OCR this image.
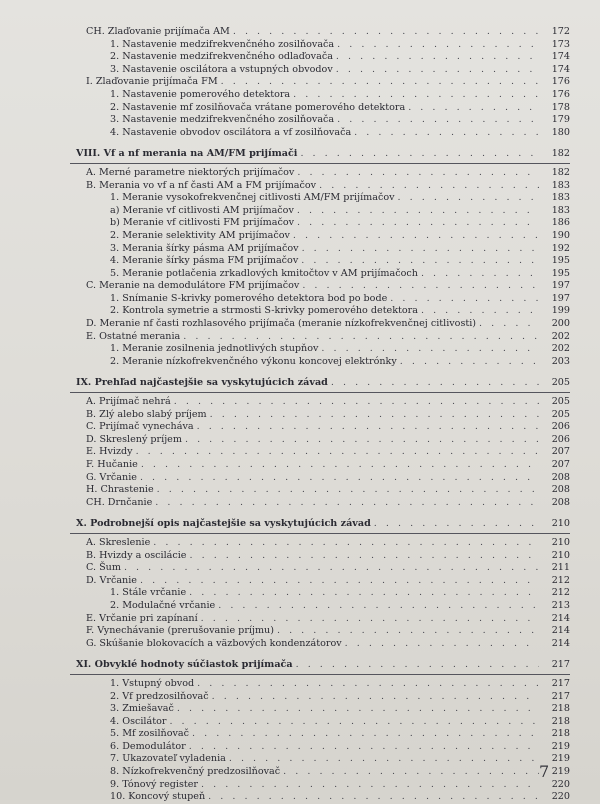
CH. Zlaďovanie prijímača AM . . .	172
1. Nastavenie medzifrekvenčného zosilňovača . . .	173
2. Nastavenie medzifrekvenčného odlaďovača . . .	174
3. Nastavenie oscilátora a vstupných obvodov . . .	174
I. Zlaďovanie prijímača FM . . .	176
1. Nastavenie pomerového detektora . . .	176
2. Nastavenie mf zosilňovača vrátane pomerového detektora . . .	178
3. Nastavenie medzifrekvenčného zosilňovača . . .	179
4. Nastavenie obvodov oscilátora a vf zosilňovača . . .	180
VIII. Vf a nf merania na AM/FM prijímači . . .	182
A. Merné parametre niektorých prijímačov . . .	182
B. Merania vo vf a nf časti AM a FM prijímačov . . .	183
1. Meranie vysokofrekvenčnej citlivosti AM/FM prijímačov . . .	183
a) Meranie vf citlivosti AM prijímačov . . .	183
b) Meranie vf citlivosti FM prijímačov . . .	186
2. Meranie selektivity AM prijímačov . . .	190
3. Merania šírky pásma AM prijímačov . . .	192
4. Meranie šírky pásma FM prijímačov . . .	195
5. Meranie potlačenia zrkadlových kmitočtov v AM prijímačoch . . .	195
C. Meranie na demodulátore FM prijímačov . . .	197
1. Snímanie S-krivky pomerového detektora bod po bode . . .	197
2. Kontrola symetrie a strmosti S-krivky pomerového detektora . . .	199
D. Meranie nf časti rozhlasového prijímača (meranie nízkofrekvenčnej citlivosti) . . .	200
E. Ostatné merania . . .	202
1. Meranie zosilnenia jednotlivých stupňov . . .	202
2. Meranie nízkofrekvenčného výkonu koncovej elektrónky . . .	203
IX. Prehľad najčastejšie sa vyskytujúcich závad . . .	205
A. Prijímač nehrá . . .	205
B. Zlý alebo slabý príjem . . .	205
C. Prijímač vynecháva . . .	206
D. Skreslený príjem . . .	206
E. Hvizdy . . .	207
F. Hučanie . . .	207
G. Vrčanie . . .	208
H. Chrastenie . . .	208
CH. Drnčanie . . .	208
X. Podrobnejší opis najčastejšie sa vyskytujúcich závad . . .	210
A. Skreslenie . . .	210
B. Hvizdy a oscilácie . . .	210
C. Šum . . .	211
D. Vrčanie . . .	212
1. Stále vrčanie . . .	212
2. Modulačné vrčanie . . .	213
E. Vrčanie pri zapínaní . . .	214
F. Vynechávanie (prerušovanie príjmu) . . .	214
G. Skúšanie blokovacích a väzbových kondenzátorov . . .	214
XI. Obvyklé hodnoty súčiastok prijímača . . .	217
1. Vstupný obvod . . .	217
2. Vf predzosilňovač . . .	217
3. Zmiešavač . . .	218
4. Oscilátor . . .	218
5. Mf zosilňovač . . .	218
6. Demodulátor . . .	219
7. Ukazovateľ vyladenia . . .	219
8. Nízkofrekvenčný predzosilňovač . . .	219
9. Tónový register . . .	220
10. Koncový stupeň . . .	220
7
